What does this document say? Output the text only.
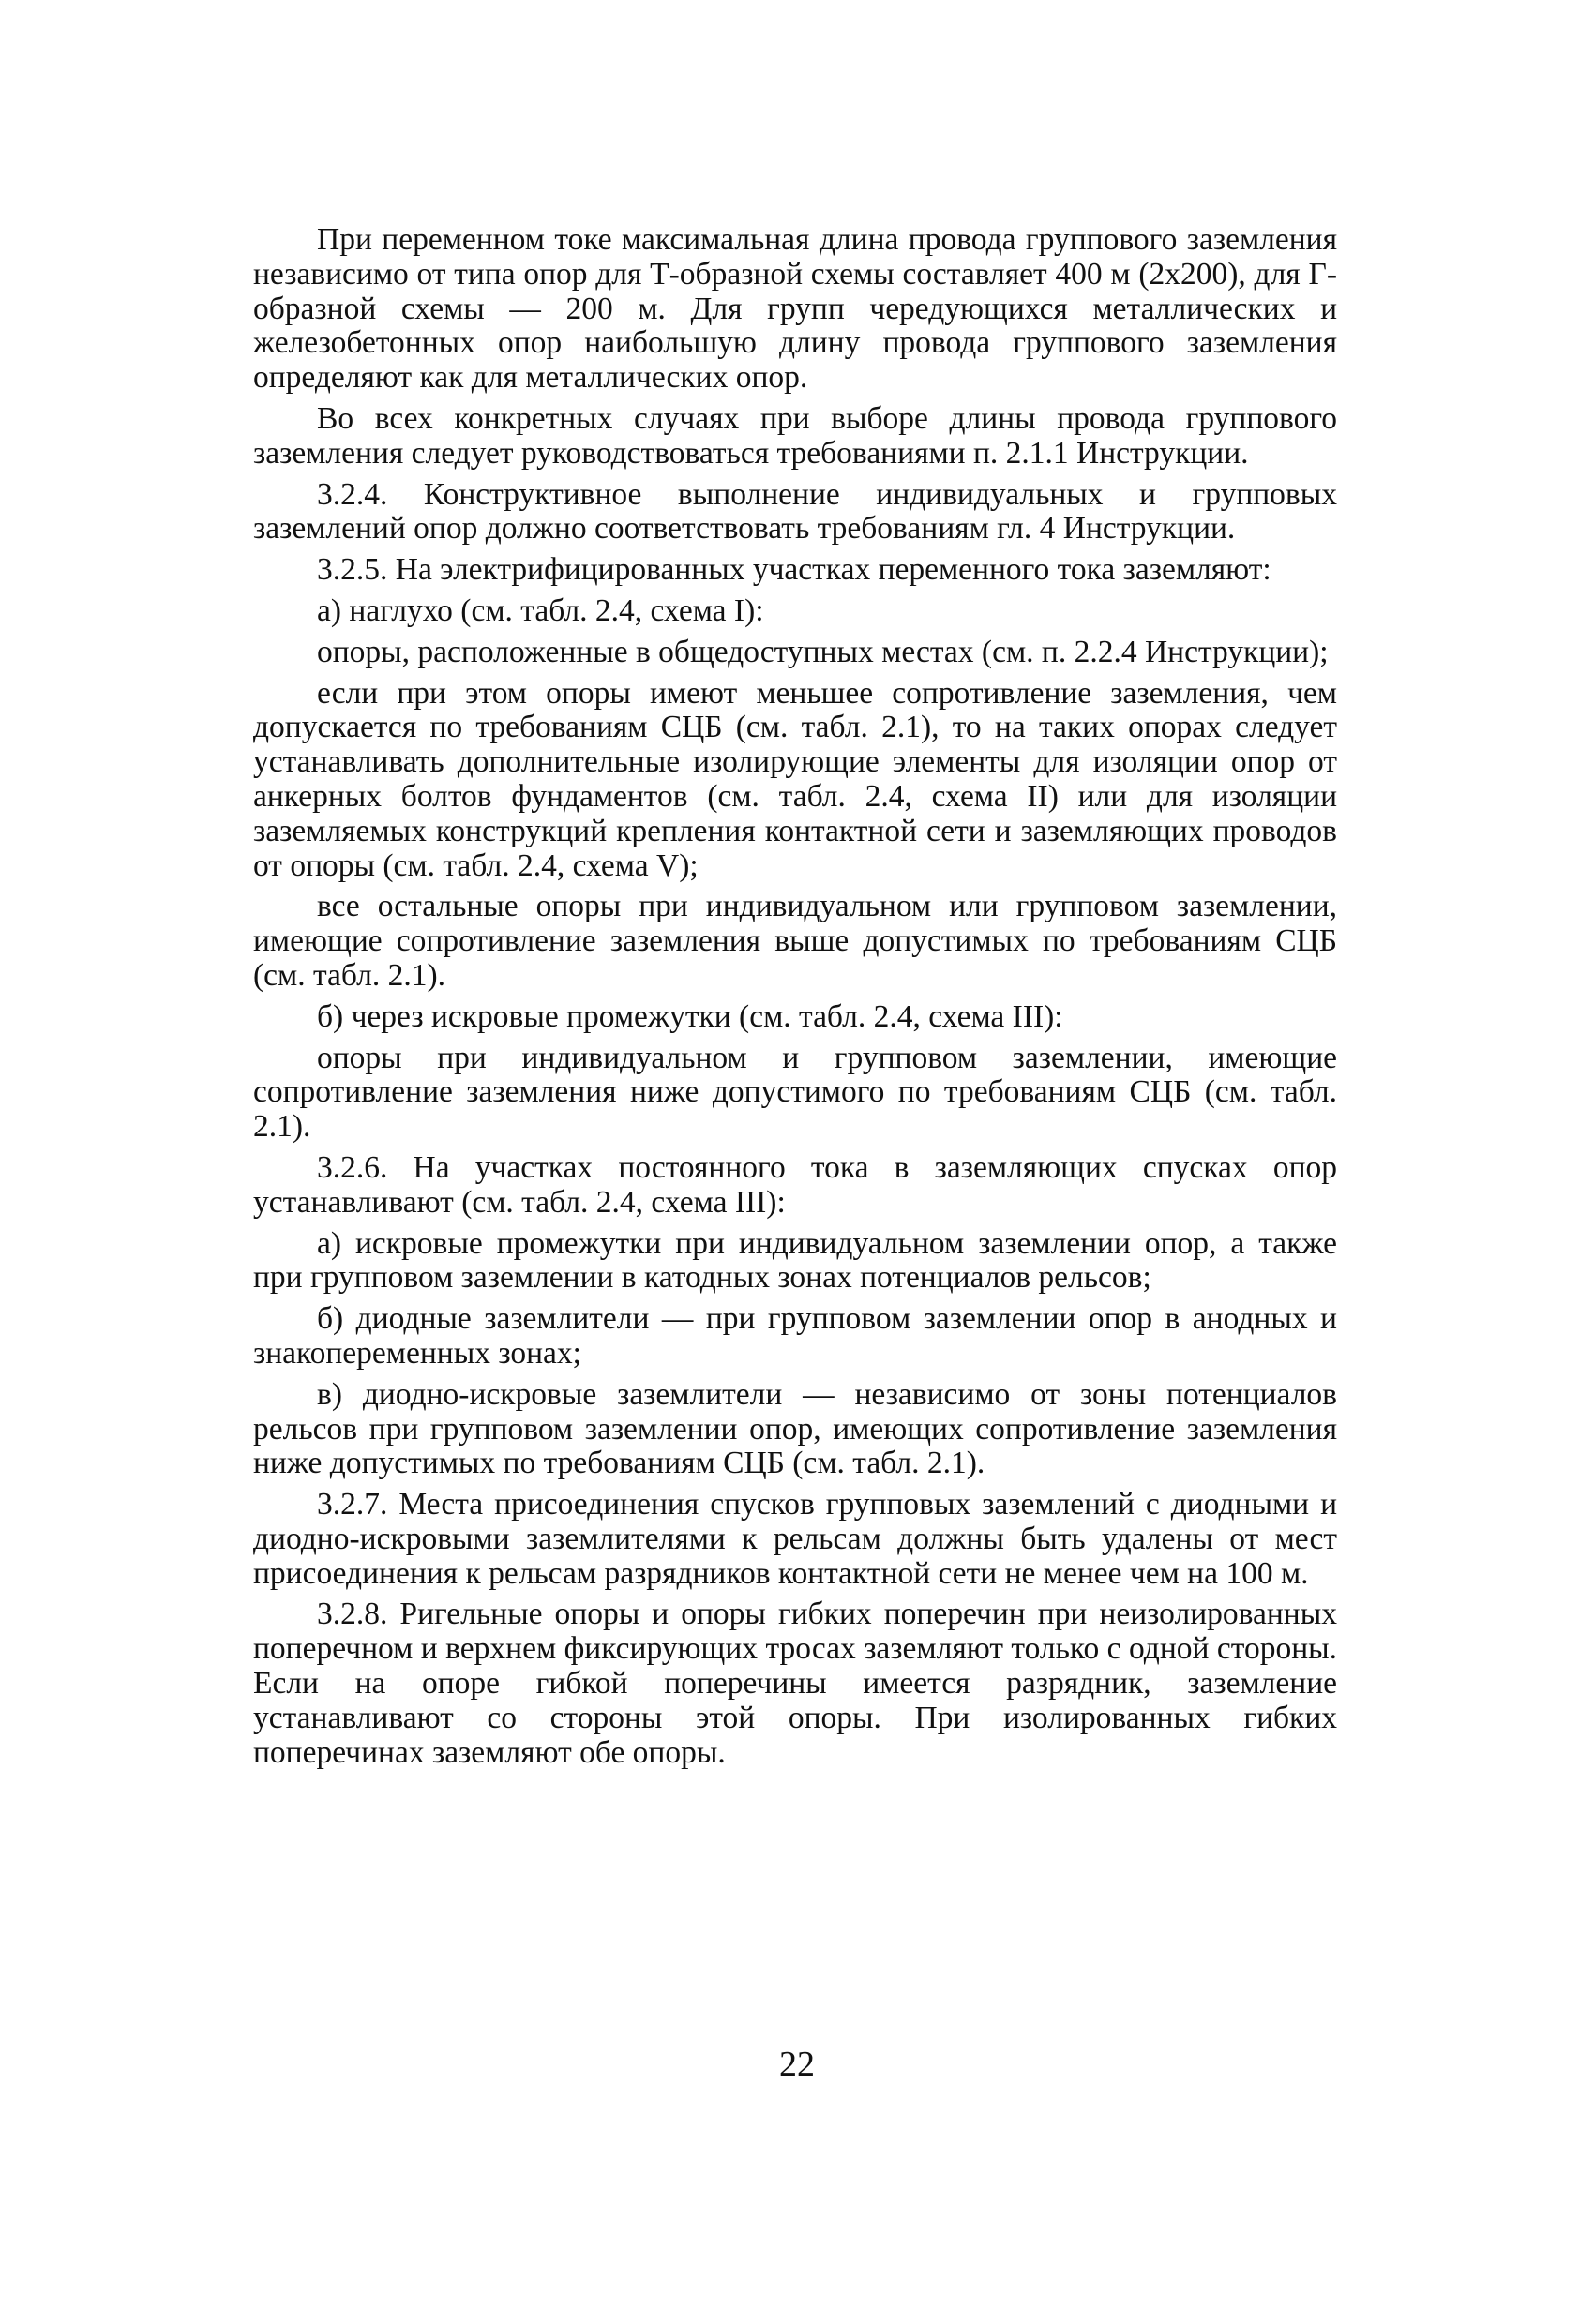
При переменном токе максимальная длина провода группового заземления независимо от типа опор для Т-образной схемы составляет 400 м (2х200), для Г-образной схемы — 200 м. Для групп чередующихся металлических и железобетонных опор наибольшую длину провода группового заземления определяют как для металлических опор.

Во всех конкретных случаях при выборе длины провода группового заземления следует руководствоваться требованиями п. 2.1.1 Инструкции.

3.2.4. Конструктивное выполнение индивидуальных и групповых заземлений опор должно соответствовать требованиям гл. 4 Инструкции.

3.2.5. На электрифицированных участках переменного тока заземляют:

а) наглухо (см. табл. 2.4, схема I):

опоры, расположенные в общедоступных местах (см. п. 2.2.4 Инструкции);

если при этом опоры имеют меньшее сопротивление заземления, чем допускается по требованиям СЦБ (см. табл. 2.1), то на таких опорах следует устанавливать дополнительные изолирующие элементы для изоляции опор от анкерных болтов фундаментов (см. табл. 2.4, схема II) или для изоляции заземляемых конструкций крепления контактной сети и заземляющих проводов от опоры (см. табл. 2.4, схема V);

все остальные опоры при индивидуальном или групповом заземлении, имеющие сопротивление заземления выше допустимых по требованиям СЦБ (см. табл. 2.1).

б) через искровые промежутки (см. табл. 2.4, схема III):

опоры при индивидуальном и групповом заземлении, имеющие сопротивление заземления ниже допустимого по требованиям СЦБ (см. табл. 2.1).

3.2.6. На участках постоянного тока в заземляющих спусках опор устанавливают (см. табл. 2.4, схема III):

а) искровые промежутки при индивидуальном заземлении опор, а также при групповом заземлении в катодных зонах потенциалов рельсов;

б) диодные заземлители — при групповом заземлении опор в анодных и знакопеременных зонах;

в) диодно-искровые заземлители — независимо от зоны потенциалов рельсов при групповом заземлении опор, имеющих сопротивление заземления ниже допустимых по требованиям СЦБ (см. табл. 2.1).

3.2.7. Места присоединения спусков групповых заземлений с диодными и диодно-искровыми заземлителями к рельсам должны быть удалены от мест присоединения к рельсам разрядников контактной сети не менее чем на 100 м.

3.2.8. Ригельные опоры и опоры гибких поперечин при неизолированных поперечном и верхнем фиксирующих тросах заземляют только с одной стороны. Если на опоре гибкой поперечины имеется разрядник, заземление устанавливают со стороны этой опоры. При изолированных гибких поперечинах заземляют обе опоры.

22
